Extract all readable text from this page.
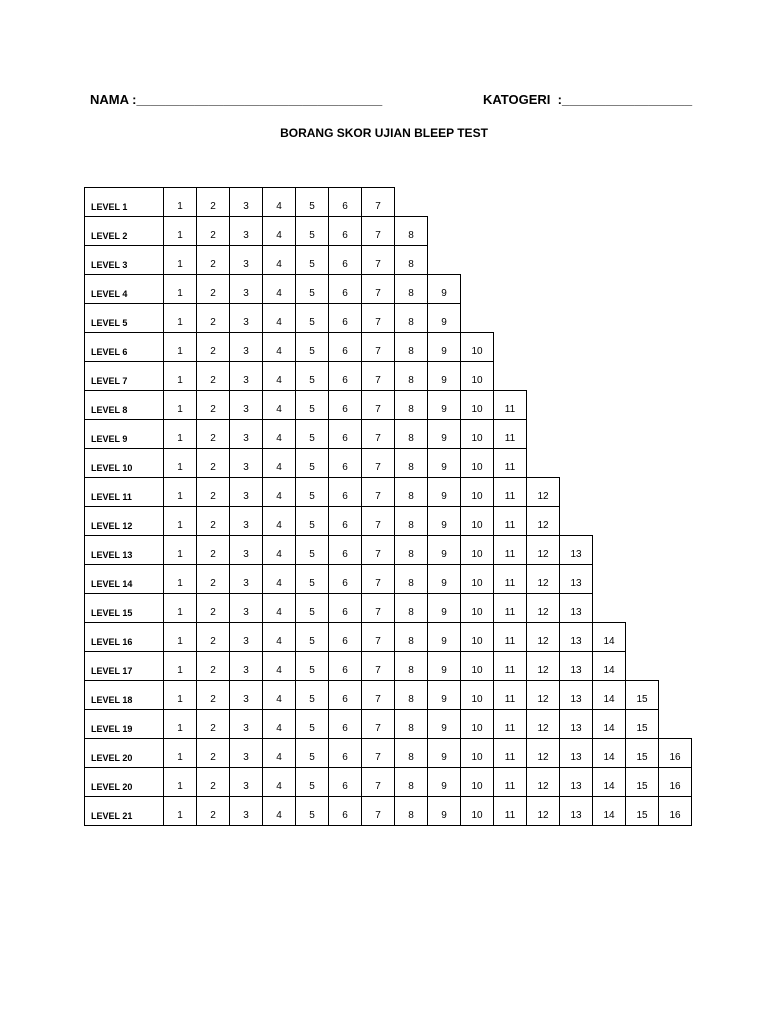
NAMA :__________________________________	KATOGERI  :__________________
BORANG SKOR UJIAN BLEEP TEST
LEVEL 1	1	2	3	4	5	6	7
LEVEL 2	1	2	3	4	5	6	7	8
LEVEL 3	1	2	3	4	5	6	7	8
LEVEL 4	1	2	3	4	5	6	7	8	9
LEVEL 5	1	2	3	4	5	6	7	8	9
LEVEL 6	1	2	3	4	5	6	7	8	9	10
LEVEL 7	1	2	3	4	5	6	7	8	9	10
LEVEL 8	1	2	3	4	5	6	7	8	9	10	11
LEVEL 9	1	2	3	4	5	6	7	8	9	10	11
LEVEL 10	1	2	3	4	5	6	7	8	9	10	11
LEVEL 11	1	2	3	4	5	6	7	8	9	10	11	12
LEVEL 12	1	2	3	4	5	6	7	8	9	10	11	12
LEVEL 13	1	2	3	4	5	6	7	8	9	10	11	12	13
LEVEL 14	1	2	3	4	5	6	7	8	9	10	11	12	13
LEVEL 15	1	2	3	4	5	6	7	8	9	10	11	12	13
LEVEL 16	1	2	3	4	5	6	7	8	9	10	11	12	13	14
LEVEL 17	1	2	3	4	5	6	7	8	9	10	11	12	13	14
LEVEL 18	1	2	3	4	5	6	7	8	9	10	11	12	13	14	15
LEVEL 19	1	2	3	4	5	6	7	8	9	10	11	12	13	14	15
LEVEL 20	1	2	3	4	5	6	7	8	9	10	11	12	13	14	15	16
LEVEL 20	1	2	3	4	5	6	7	8	9	10	11	12	13	14	15	16
LEVEL 21	1	2	3	4	5	6	7	8	9	10	11	12	13	14	15	16
